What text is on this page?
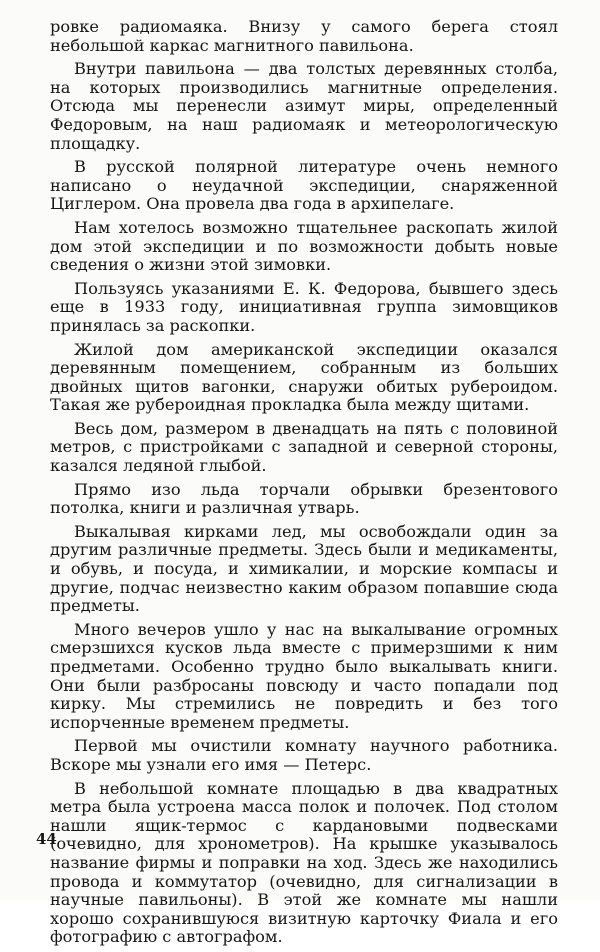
ровке радиомаяка. Внизу у самого берега стоял небольшой каркас магнитного павильона.

Внутри павильона — два толстых деревянных столба, на которых производились магнитные определения. Отсюда мы перенесли азимут миры, определенный Федоровым, на наш радиомаяк и метеорологическую площадку.

В русской полярной литературе очень немного написано о неудачной экспедиции, снаряженной Циглером. Она провела два года в архипелаге.

Нам хотелось возможно тщательнее раскопать жилой дом этой экспедиции и по возможности добыть новые сведения о жизни этой зимовки.

Пользуясь указаниями Е. К. Федорова, бывшего здесь еще в 1933 году, инициативная группа зимовщиков принялась за раскопки.

Жилой дом американской экспедиции оказался деревянным помещением, собранным из больших двойных щитов вагонки, снаружи обитых рубероидом. Такая же рубероидная прокладка была между щитами.

Весь дом, размером в двенадцать на пять с половиной метров, с пристройками с западной и северной стороны, казался ледяной глыбой.

Прямо изо льда торчали обрывки брезентового потолка, книги и различная утварь.

Выкалывая кирками лед, мы освобождали один за другим различные предметы. Здесь были и медикаменты, и обувь, и посуда, и химикалии, и морские компасы и другие, подчас неизвестно каким образом попавшие сюда предметы.

Много вечеров ушло у нас на выкалывание огромных смерзшихся кусков льда вместе с примерзшими к ним предметами. Особенно трудно было выкалывать книги. Они были разбросаны повсюду и часто попадали под кирку. Мы стремились не повредить и без того испорченные временем предметы.

Первой мы очистили комнату научного работника. Вскоре мы узнали его имя — Петерс.

В небольшой комнате площадью в два квадратных метра была устроена масса полок и полочек. Под столом нашли ящик-термос с кардановыми подвесками (очевидно, для хронометров). На крышке указывалось название фирмы и поправки на ход. Здесь же находились провода и коммутатор (очевидно, для сигнализации в научные павильоны). В этой же комнате мы нашли хорошо сохранившуюся визитную карточку Фиала и его фотографию с автографом.

44
